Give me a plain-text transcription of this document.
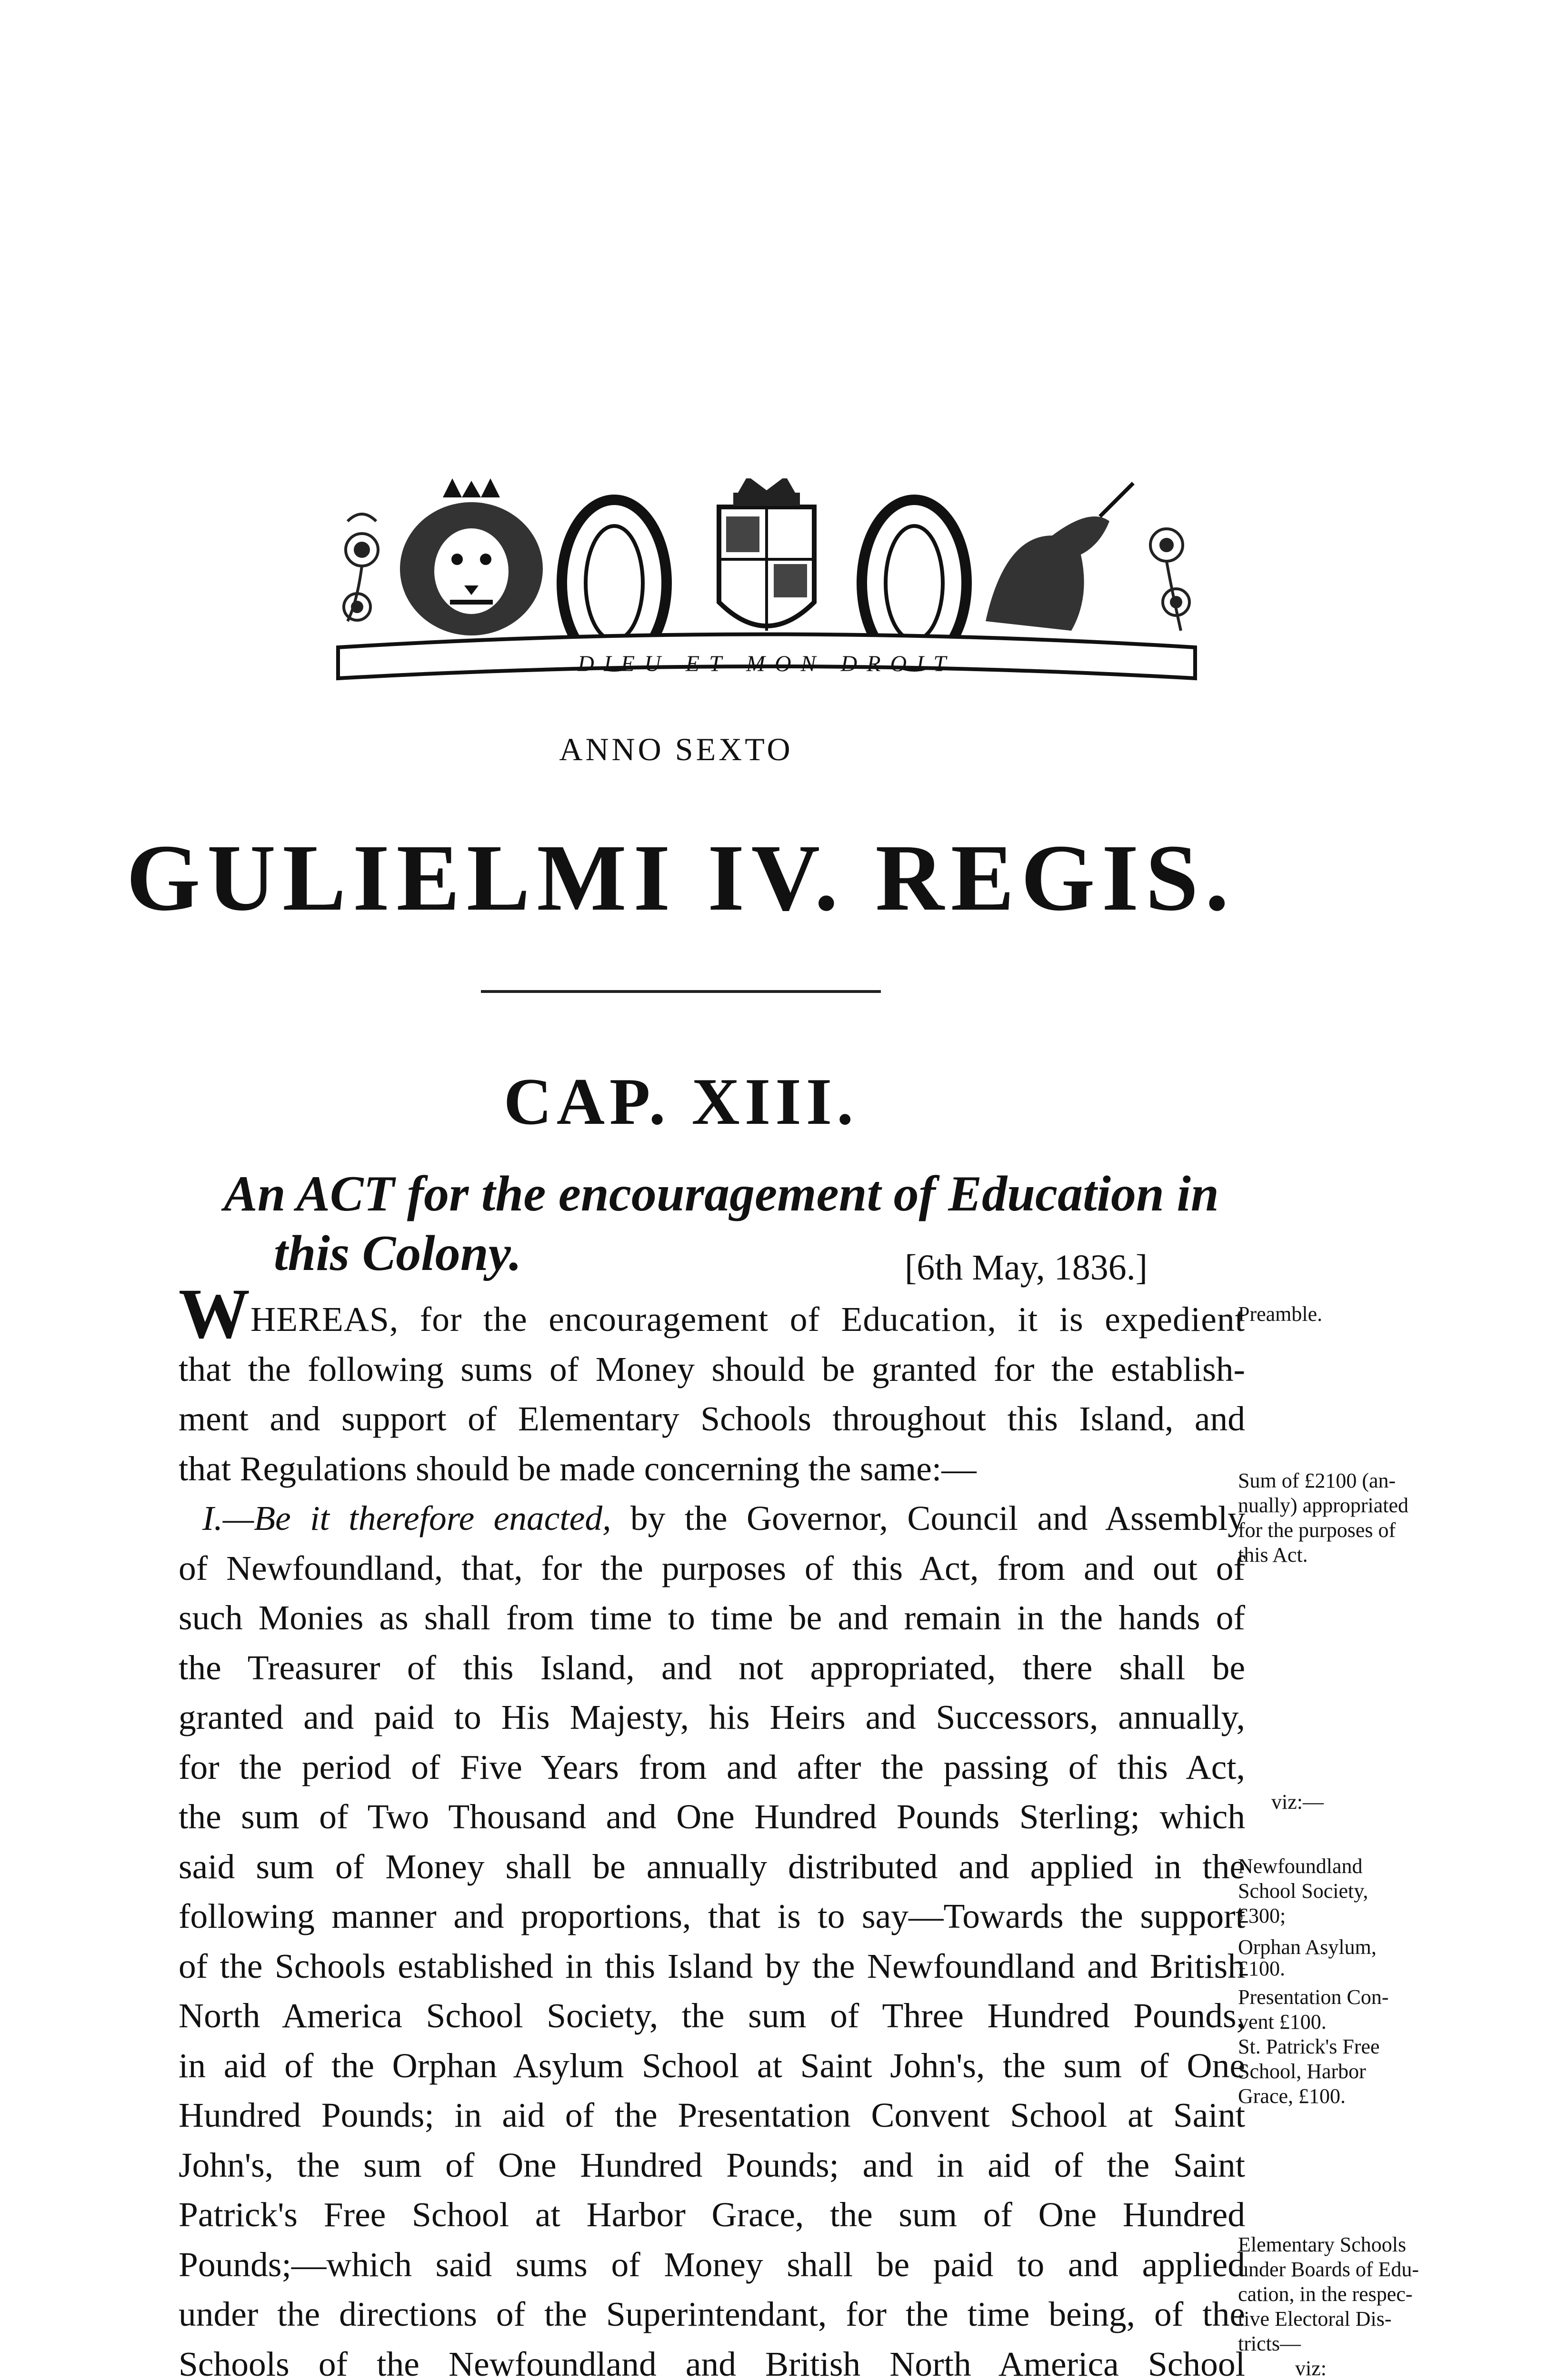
DIEU ET MON DROIT
ANNO SEXTO
GULIELMI IV. REGIS.
CAP. XIII.
An ACT for the encouragement of Education in
this Colony.	[6th May, 1836.]
WHEREAS, for the encouragement of Education, it is expedient
that the following sums of Money should be granted for the establish-
ment and support of Elementary Schools throughout this Island, and
that Regulations should be made concerning the same:—
I.—Be it therefore enacted, by the Governor, Council and Assembly
of Newfoundland, that, for the purposes of this Act, from and out of
such Monies as shall from time to time be and remain in the hands of
the Treasurer of this Island, and not appropriated, there shall be
granted and paid to His Majesty, his Heirs and Successors, annually,
for the period of Five Years from and after the passing of this Act,
the sum of Two Thousand and One Hundred Pounds Sterling; which
said sum of Money shall be annually distributed and applied in the
following manner and proportions, that is to say—Towards the support
of the Schools established in this Island by the Newfoundland and British
North America School Society, the sum of Three Hundred Pounds,
in aid of the Orphan Asylum School at Saint John's, the sum of One
Hundred Pounds; in aid of the Presentation Convent School at Saint
John's, the sum of One Hundred Pounds; and in aid of the Saint
Patrick's Free School at Harbor Grace, the sum of One Hundred
Pounds;—which said sums of Money shall be paid to and applied
under the directions of the Superintendant, for the time being, of the
Schools of the Newfoundland and British North America School
Preamble.
Sum of £2100 (an-
nually) appropriated
for the purposes of
this Act.
viz:—
Newfoundland
School Society,
£300;
Orphan Asylum,
£100.
Presentation Con-
vent £100.
St. Patrick's Free
School, Harbor
Grace, £100.
Elementary Schools
under Boards of Edu-
cation, in the respec-
tive Electoral Dis-
tricts—
viz:
